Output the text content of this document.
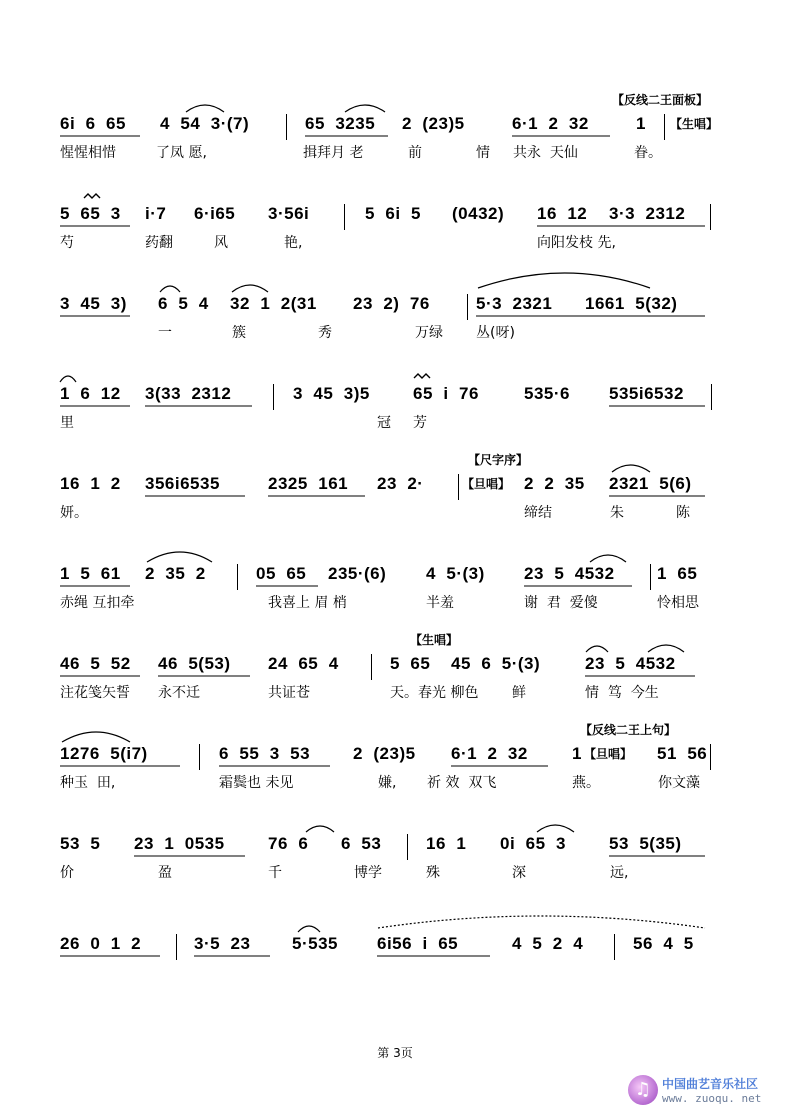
【反线二王面板】
6i  6  65 4  54  3·(7)	65  3235 2  (23)5	6·1  2  32	1 【生唱】
惺惺相惜	了凤 愿,	揖拜月 老	前	情 共永  天仙	眷。
5  65  3 i·7 6·i65 3·56i	5  6i  5 (0432) 16  12 3·3  2312
芍	药翻	风	艳,	向阳发枝 先,
3  45  3) 6  5  4 32  1  2(31 23  2)  76	5·3  2321 1661  5(32)
一	簇	秀	万绿 丛(呀)
1  6  12 3(33  2312	3  45  3)5	65  i  76	535·6 535i6532
里	冠 芳
【尺字序】
16  1  2 356i6535	2325  161 23  2·	2  2  35 2321  5(6)
【旦唱】
妍。	缔结	朱	陈
1  5  61 2  35  2	05  65 235·(6) 4  5·(3) 23  5  4532 1  65
赤绳 互扣牵	我喜上 眉 梢	半羞	谢  君  爱傻	怜相思
【生唱】
46  5  52 46  5(53) 24  65  4	5  65 45  6  5·(3)	23  5  4532
注花笺矢誓 永不迁	共证苍	天。春光 柳色 鲜	情  笃  今生
【反线二王上句】
1276  5(i7)	6  55  3  53	2  (23)5 6·1  2  32	1	51  56
【旦唱】
种玉  田,	霜鬓也 未见	嫌, 祈 效  双飞	燕。	你文藻
53  5 23  1  0535	76  6 6  53	16  1 0i  65  3	53  5(35)
价	盈	千	博学	殊	深	远,
26  0  1  2	3·5  23 5·535 6i56  i  65	4  5  2  4	56  4  5
第 3页
♫ 中国曲艺音乐社区
www. zuoqu. net
